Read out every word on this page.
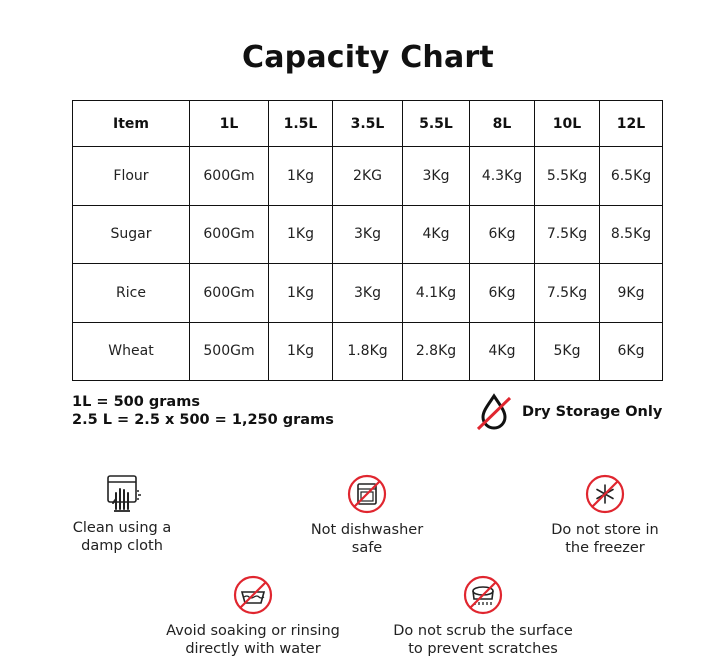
Capacity Chart
Item	1L	1.5L	3.5L	5.5L	8L	10L	12L
Flour	600Gm	1Kg	2KG	3Kg	4.3Kg	5.5Kg	6.5Kg
Sugar	600Gm	1Kg	3Kg	4Kg	6Kg	7.5Kg	8.5Kg
Rice	600Gm	1Kg	3Kg	4.1Kg	6Kg	7.5Kg	9Kg
Wheat	500Gm	1Kg	1.8Kg	2.8Kg	4Kg	5Kg	6Kg
1L = 500 grams
2.5 L = 2.5 x 500 = 1,250 grams	Dry Storage Only
Clean using a
damp cloth
Not dishwasher
safe
Do not store in
the freezer
Avoid soaking or rinsing
directly with water
Do not scrub the surface
to prevent scratches
